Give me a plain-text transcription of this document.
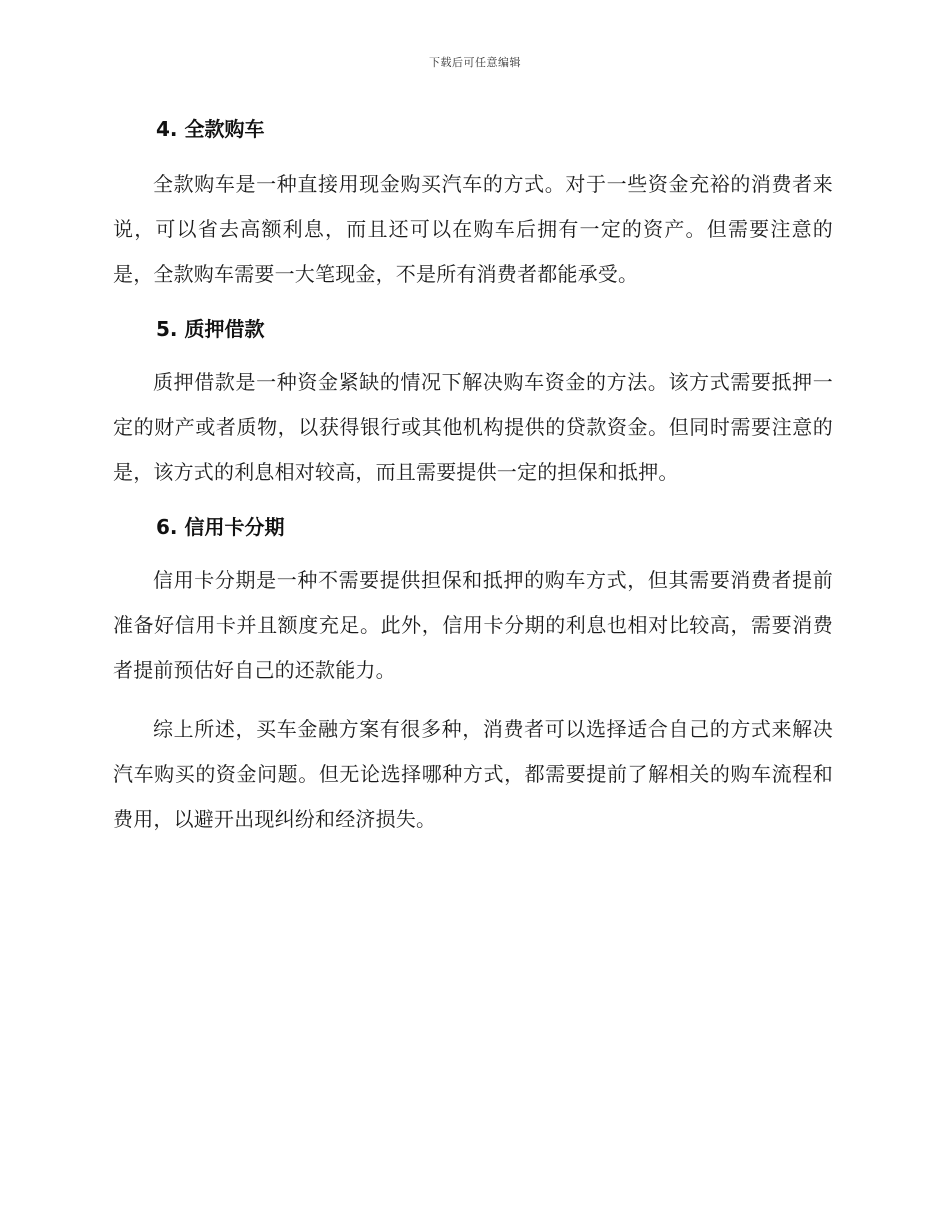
下载后可任意编辑
4. 全款购车

全款购车是一种直接用现金购买汽车的方式。对于一些资金充裕的消费者来说，可以省去高额利息，而且还可以在购车后拥有一定的资产。但需要注意的是，全款购车需要一大笔现金，不是所有消费者都能承受。

5. 质押借款

质押借款是一种资金紧缺的情况下解决购车资金的方法。该方式需要抵押一定的财产或者质物，以获得银行或其他机构提供的贷款资金。但同时需要注意的是，该方式的利息相对较高，而且需要提供一定的担保和抵押。

6. 信用卡分期

信用卡分期是一种不需要提供担保和抵押的购车方式，但其需要消费者提前准备好信用卡并且额度充足。此外，信用卡分期的利息也相对比较高，需要消费者提前预估好自己的还款能力。

综上所述，买车金融方案有很多种，消费者可以选择适合自己的方式来解决汽车购买的资金问题。但无论选择哪种方式，都需要提前了解相关的购车流程和费用，以避开出现纠纷和经济损失。
